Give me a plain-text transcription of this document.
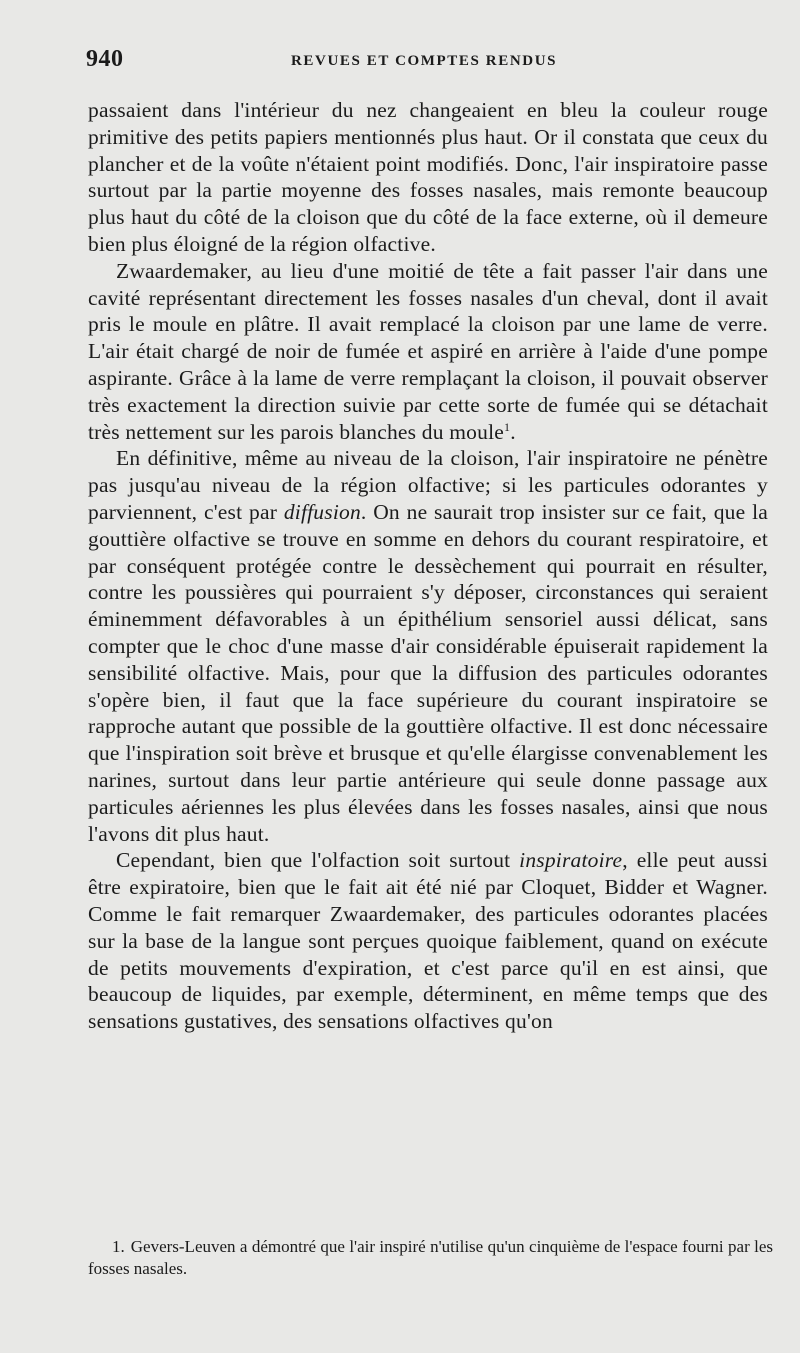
940	REVUES ET COMPTES RENDUS

passaient dans l'intérieur du nez changeaient en bleu la couleur rouge primitive des petits papiers mentionnés plus haut. Or il constata que ceux du plancher et de la voûte n'étaient point modifiés. Donc, l'air inspiratoire passe surtout par la partie moyenne des fosses nasales, mais remonte beaucoup plus haut du côté de la cloison que du côté de la face externe, où il demeure bien plus éloigné de la région olfactive.

Zwaardemaker, au lieu d'une moitié de tête a fait passer l'air dans une cavité représentant directement les fosses nasales d'un cheval, dont il avait pris le moule en plâtre. Il avait remplacé la cloison par une lame de verre. L'air était chargé de noir de fumée et aspiré en arrière à l'aide d'une pompe aspirante. Grâce à la lame de verre remplaçant la cloison, il pouvait observer très exactement la direction suivie par cette sorte de fumée qui se détachait très nettement sur les parois blanches du moule$^1$.

En définitive, même au niveau de la cloison, l'air inspiratoire ne pénètre pas jusqu'au niveau de la région olfactive; si les particules odorantes y parviennent, c'est par diffusion. On ne saurait trop insister sur ce fait, que la gouttière olfactive se trouve en somme en dehors du courant respiratoire, et par conséquent protégée contre le dessèchement qui pourrait en résulter, contre les poussières qui pourraient s'y déposer, circonstances qui seraient éminemment défavorables à un épithélium sensoriel aussi délicat, sans compter que le choc d'une masse d'air considérable épuiserait rapidement la sensibilité olfactive. Mais, pour que la diffusion des particules odorantes s'opère bien, il faut que la face supérieure du courant inspiratoire se rapproche autant que possible de la gouttière olfactive. Il est donc nécessaire que l'inspiration soit brève et brusque et qu'elle élargisse convenablement les narines, surtout dans leur partie antérieure qui seule donne passage aux particules aériennes les plus élevées dans les fosses nasales, ainsi que nous l'avons dit plus haut.

Cependant, bien que l'olfaction soit surtout inspiratoire, elle peut aussi être expiratoire, bien que le fait ait été nié par Cloquet, Bidder et Wagner. Comme le fait remarquer Zwaardemaker, des particules odorantes placées sur la base de la langue sont perçues quoique faiblement, quand on exécute de petits mouvements d'expiration, et c'est parce qu'il en est ainsi, que beaucoup de liquides, par exemple, déterminent, en même temps que des sensations gustatives, des sensations olfactives qu'on

1. Gevers-Leuven a démontré que l'air inspiré n'utilise qu'un cinquième de l'espace fourni par les fosses nasales.
